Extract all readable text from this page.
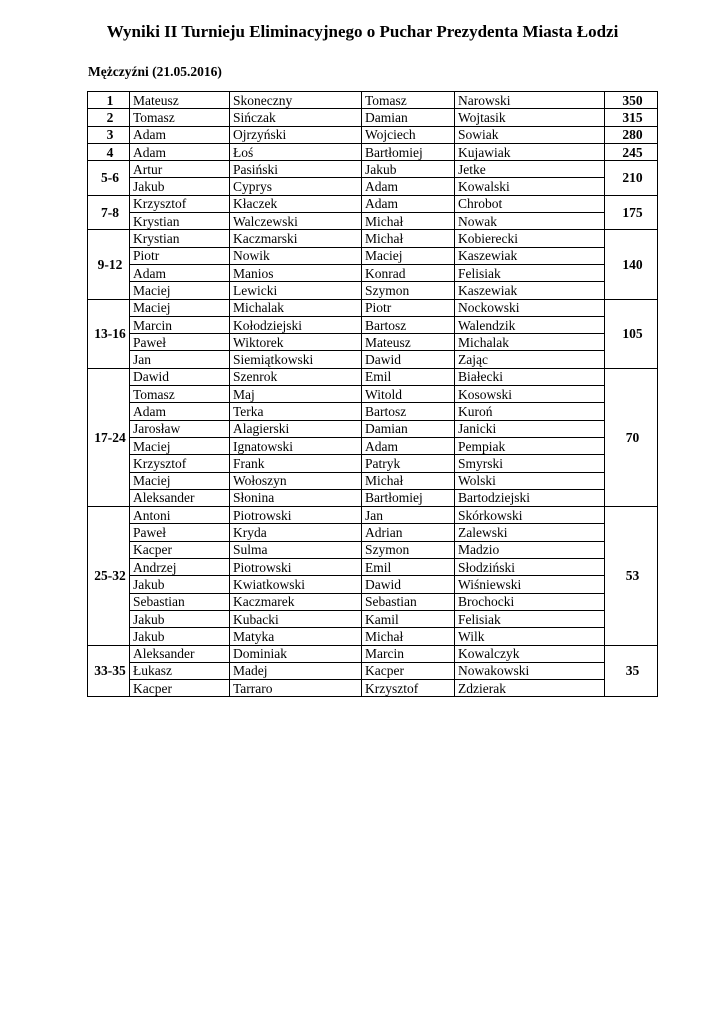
Wyniki II Turnieju Eliminacyjnego o Puchar Prezydenta Miasta Łodzi
Mężczyźni (21.05.2016)
1	Mateusz	Skoneczny	Tomasz	Narowski		350
2	Tomasz	Sińczak	Damian	Wojtasik		315
3	Adam	Ojrzyński	Wojciech	Sowiak		280
4	Adam	Łoś	Bartłomiej	Kujawiak		245
5-6	Artur	Pasiński	Jakub	Jetke		210
	Jakub	Cyprys	Adam	Kowalski	
7-8	Krzysztof	Kłaczek	Adam	Chrobot		175
	Krystian	Walczewski	Michał	Nowak	
9-12	Krystian	Kaczmarski	Michał	Kobierecki		140
	Piotr	Nowik	Maciej	Kaszewiak	
	Adam	Manios	Konrad	Felisiak	
	Maciej	Lewicki	Szymon	Kaszewiak	
13-16	Maciej	Michalak	Piotr	Nockowski		105
	Marcin	Kołodziejski	Bartosz	Walendzik	
	Paweł	Wiktorek	Mateusz	Michalak	
	Jan	Siemiątkowski	Dawid	Zając	
17-24	Dawid	Szenrok	Emil	Białecki		70
	Tomasz	Maj	Witold	Kosowski	
	Adam	Terka	Bartosz	Kuroń	
	Jarosław	Alagierski	Damian	Janicki	
	Maciej	Ignatowski	Adam	Pempiak	
	Krzysztof	Frank	Patryk	Smyrski	
	Maciej	Wołoszyn	Michał	Wolski	
	Aleksander	Słonina	Bartłomiej	Bartodziejski	
25-32	Antoni	Piotrowski	Jan	Skórkowski		53
	Paweł	Kryda	Adrian	Zalewski	
	Kacper	Sulma	Szymon	Madzio	
	Andrzej	Piotrowski	Emil	Słodziński	
	Jakub	Kwiatkowski	Dawid	Wiśniewski	
	Sebastian	Kaczmarek	Sebastian	Brochocki	
	Jakub	Kubacki	Kamil	Felisiak	
	Jakub	Matyka	Michał	Wilk	
33-35	Aleksander	Dominiak	Marcin	Kowalczyk		35
	Łukasz	Madej	Kacper	Nowakowski	
	Kacper	Tarraro	Krzysztof	Zdzierak	
